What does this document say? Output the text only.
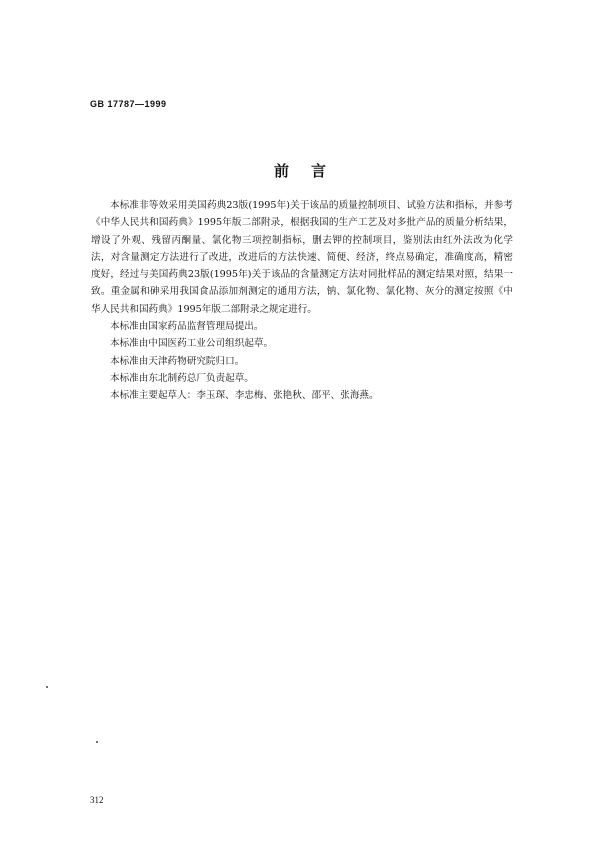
GB 17787—1999
前言

本标准非等效采用美国药典23版(1995年)关于该品的质量控制项目、试验方法和指标，并参考《中华人民共和国药典》1995年版二部附录，根据我国的生产工艺及对多批产品的质量分析结果，增设了外观、残留丙酮量、氯化物三项控制指标，删去钾的控制项目，鉴别法由红外法改为化学法，对含量测定方法进行了改进，改进后的方法快速、简便、经济，终点易确定，准确度高，精密度好，经过与美国药典23版(1995年)关于该品的含量测定方法对同批样品的测定结果对照，结果一致。重金属和砷采用我国食品添加剂测定的通用方法，钠、氯化物、氯化物、灰分的测定按照《中华人民共和国药典》1995年版二部附录之规定进行。

本标准由国家药品监督管理局提出。

本标准由中国医药工业公司组织起草。

本标准由天津药物研究院归口。

本标准由东北制药总厂负责起草。

本标准主要起草人：李玉琛、李忠梅、张艳秋、邵平、张海燕。

312
